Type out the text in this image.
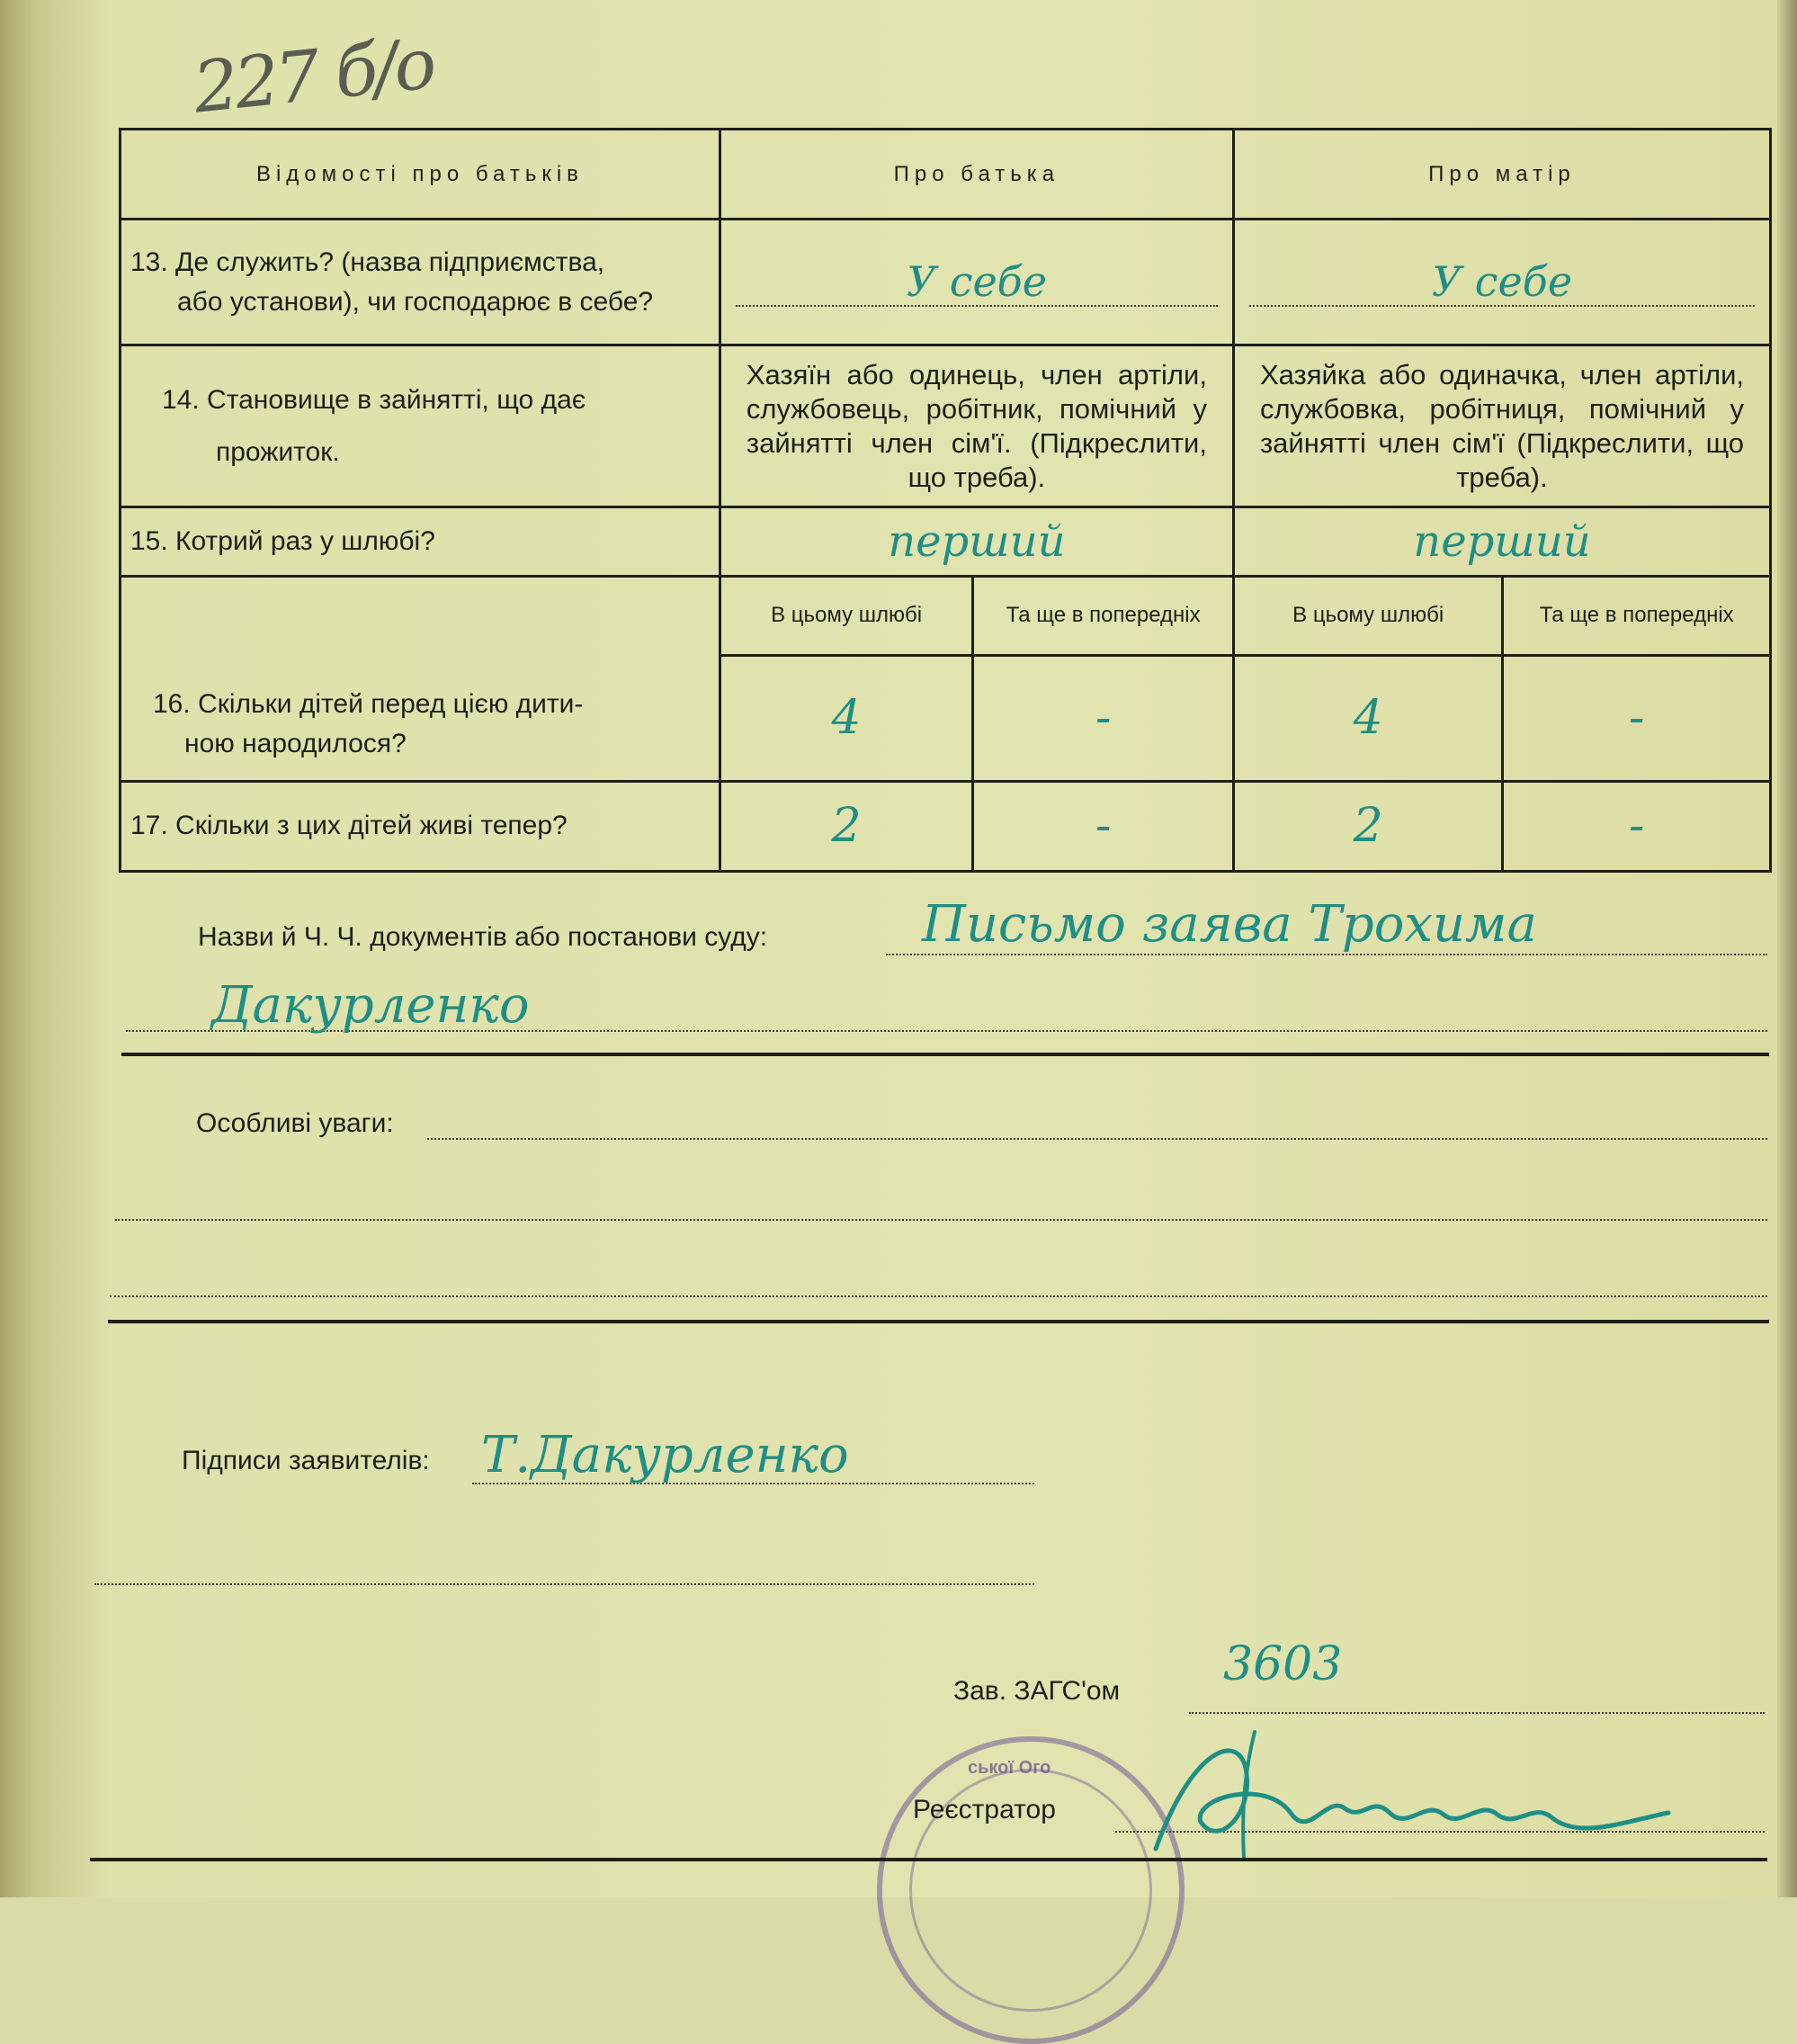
227 б/о
Відомості про батьків	Про батька		Про матір	
13. Де служить? (назва підприємства,
або установи), чи господарює в себе?	У себе		У себе	

14. Становище в зайнятті, що дає
прожиток.	Хазяїн або одинець, член артіли, службовець, робітник, помічний у зайнятті член сім'ї. (Підкреслити, що треба).		Хазяйка або одиначка, член артіли, службовка, робітниця, помічний у зайнятті член сім'ї (Підкреслити, що треба).	
15. Котрий раз у шлюбі?	перший		перший	

16. Скільки дітей перед цією дити-
ною народилося?	В цьому шлюбі	Та ще в попередніх	В цьому шлюбі	Та ще в попередніх
	4	-	4	-
17. Скільки з цих дітей живі тепер?	2	-	2	-
Назви й Ч. Ч. документів або постанови суду:	Письмо заява Трохима
Дакурленко
Особливі уваги:
Підписи заявителів: Т.Дакурленко
Зав. ЗАГС'ом 3603
ської Ого
Реєстратор
